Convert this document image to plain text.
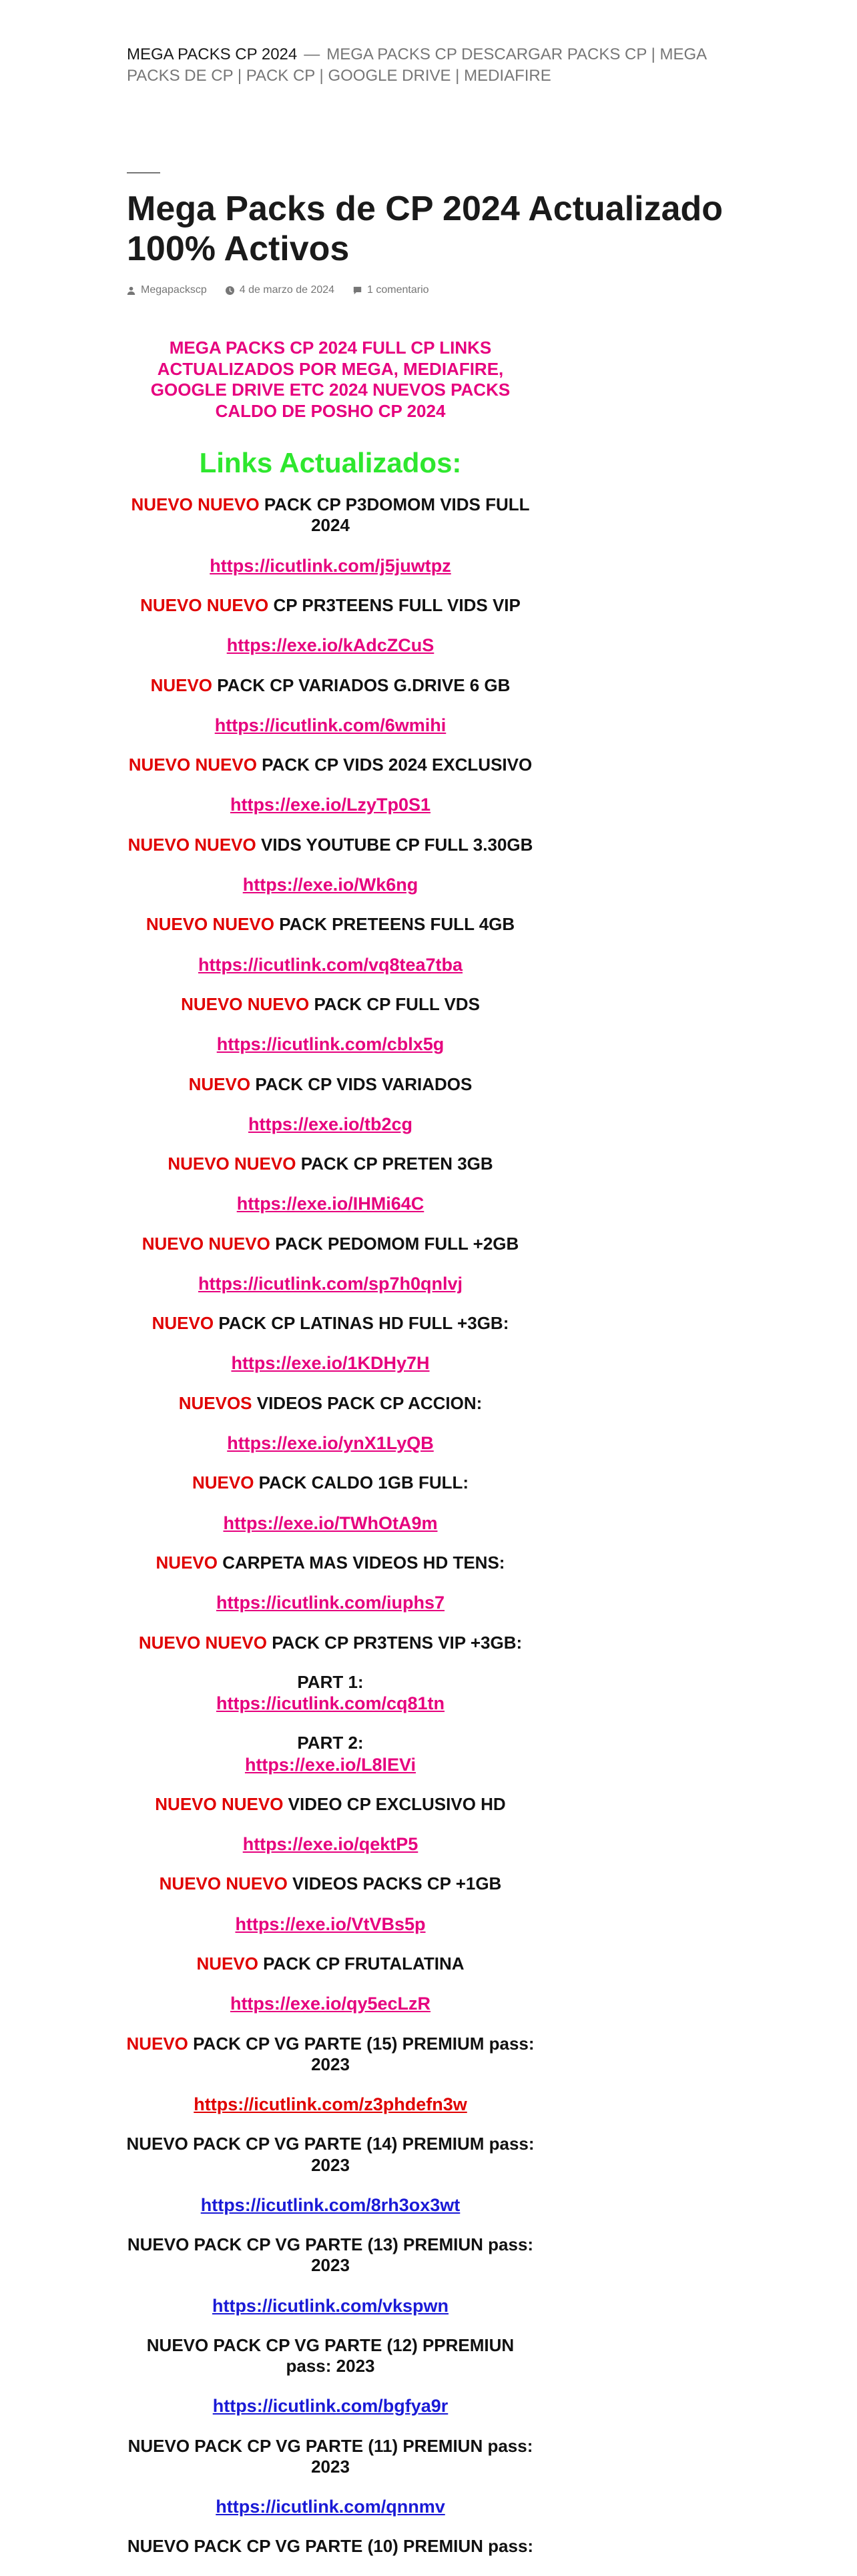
MEGA PACKS CP 2024 — MEGA PACKS CP DESCARGAR PACKS CP | MEGA PACKS DE CP | PACK CP | GOOGLE DRIVE | MEDIAFIRE
Mega Packs de CP 2024 Actualizado 100% Activos
Megapackscp	4 de marzo de 2024	1 comentario

MEGA PACKS CP 2024 FULL CP LINKS ACTUALIZADOS POR MEGA, MEDIAFIRE, GOOGLE DRIVE ETC 2024 NUEVOS PACKS CALDO DE POSHO CP 2024

Links Actualizados:

NUEVO NUEVO PACK CP P3DOMOM VIDS FULL 2024

https://icutlink.com/j5juwtpz

NUEVO NUEVO CP PR3TEENS FULL VIDS VIP

https://exe.io/kAdcZCuS

NUEVO PACK CP VARIADOS G.DRIVE 6 GB

https://icutlink.com/6wmihi

NUEVO NUEVO PACK CP VIDS 2024 EXCLUSIVO

https://exe.io/LzyTp0S1

NUEVO NUEVO VIDS YOUTUBE CP FULL 3.30GB

https://exe.io/Wk6ng

NUEVO NUEVO PACK PRETEENS FULL 4GB

https://icutlink.com/vq8tea7tba

NUEVO NUEVO PACK CP FULL VDS

https://icutlink.com/cblx5g

NUEVO PACK CP VIDS VARIADOS

https://exe.io/tb2cg

NUEVO NUEVO PACK CP PRETEN 3GB

https://exe.io/IHMi64C

NUEVO NUEVO PACK PEDOMOM FULL +2GB

https://icutlink.com/sp7h0qnlvj

NUEVO PACK CP LATINAS HD FULL +3GB:

https://exe.io/1KDHy7H

NUEVOS VIDEOS PACK CP ACCION:

https://exe.io/ynX1LyQB

NUEVO PACK CALDO 1GB FULL:

https://exe.io/TWhOtA9m

NUEVO CARPETA MAS VIDEOS HD TENS:

https://icutlink.com/iuphs7

NUEVO NUEVO PACK CP PR3TENS VIP +3GB:

PART 1:

https://icutlink.com/cq81tn

PART 2:

https://exe.io/L8lEVi

NUEVO NUEVO VIDEO CP EXCLUSIVO HD

https://exe.io/qektP5

NUEVO NUEVO VIDEOS PACKS CP +1GB

https://exe.io/VtVBs5p

NUEVO PACK CP FRUTALATINA

https://exe.io/qy5ecLzR

NUEVO PACK CP VG PARTE (15) PREMIUM pass: 2023

https://icutlink.com/z3phdefn3w

NUEVO PACK CP VG PARTE (14) PREMIUM pass: 2023

https://icutlink.com/8rh3ox3wt

NUEVO PACK CP VG PARTE (13) PREMIUN pass: 2023

https://icutlink.com/vkspwn

NUEVO PACK CP VG PARTE (12) PPREMIUN pass: 2023

https://icutlink.com/bgfya9r

NUEVO PACK CP VG PARTE (11) PREMIUN pass: 2023

https://icutlink.com/qnnmv

NUEVO PACK CP VG PARTE (10) PREMIUN pass:
